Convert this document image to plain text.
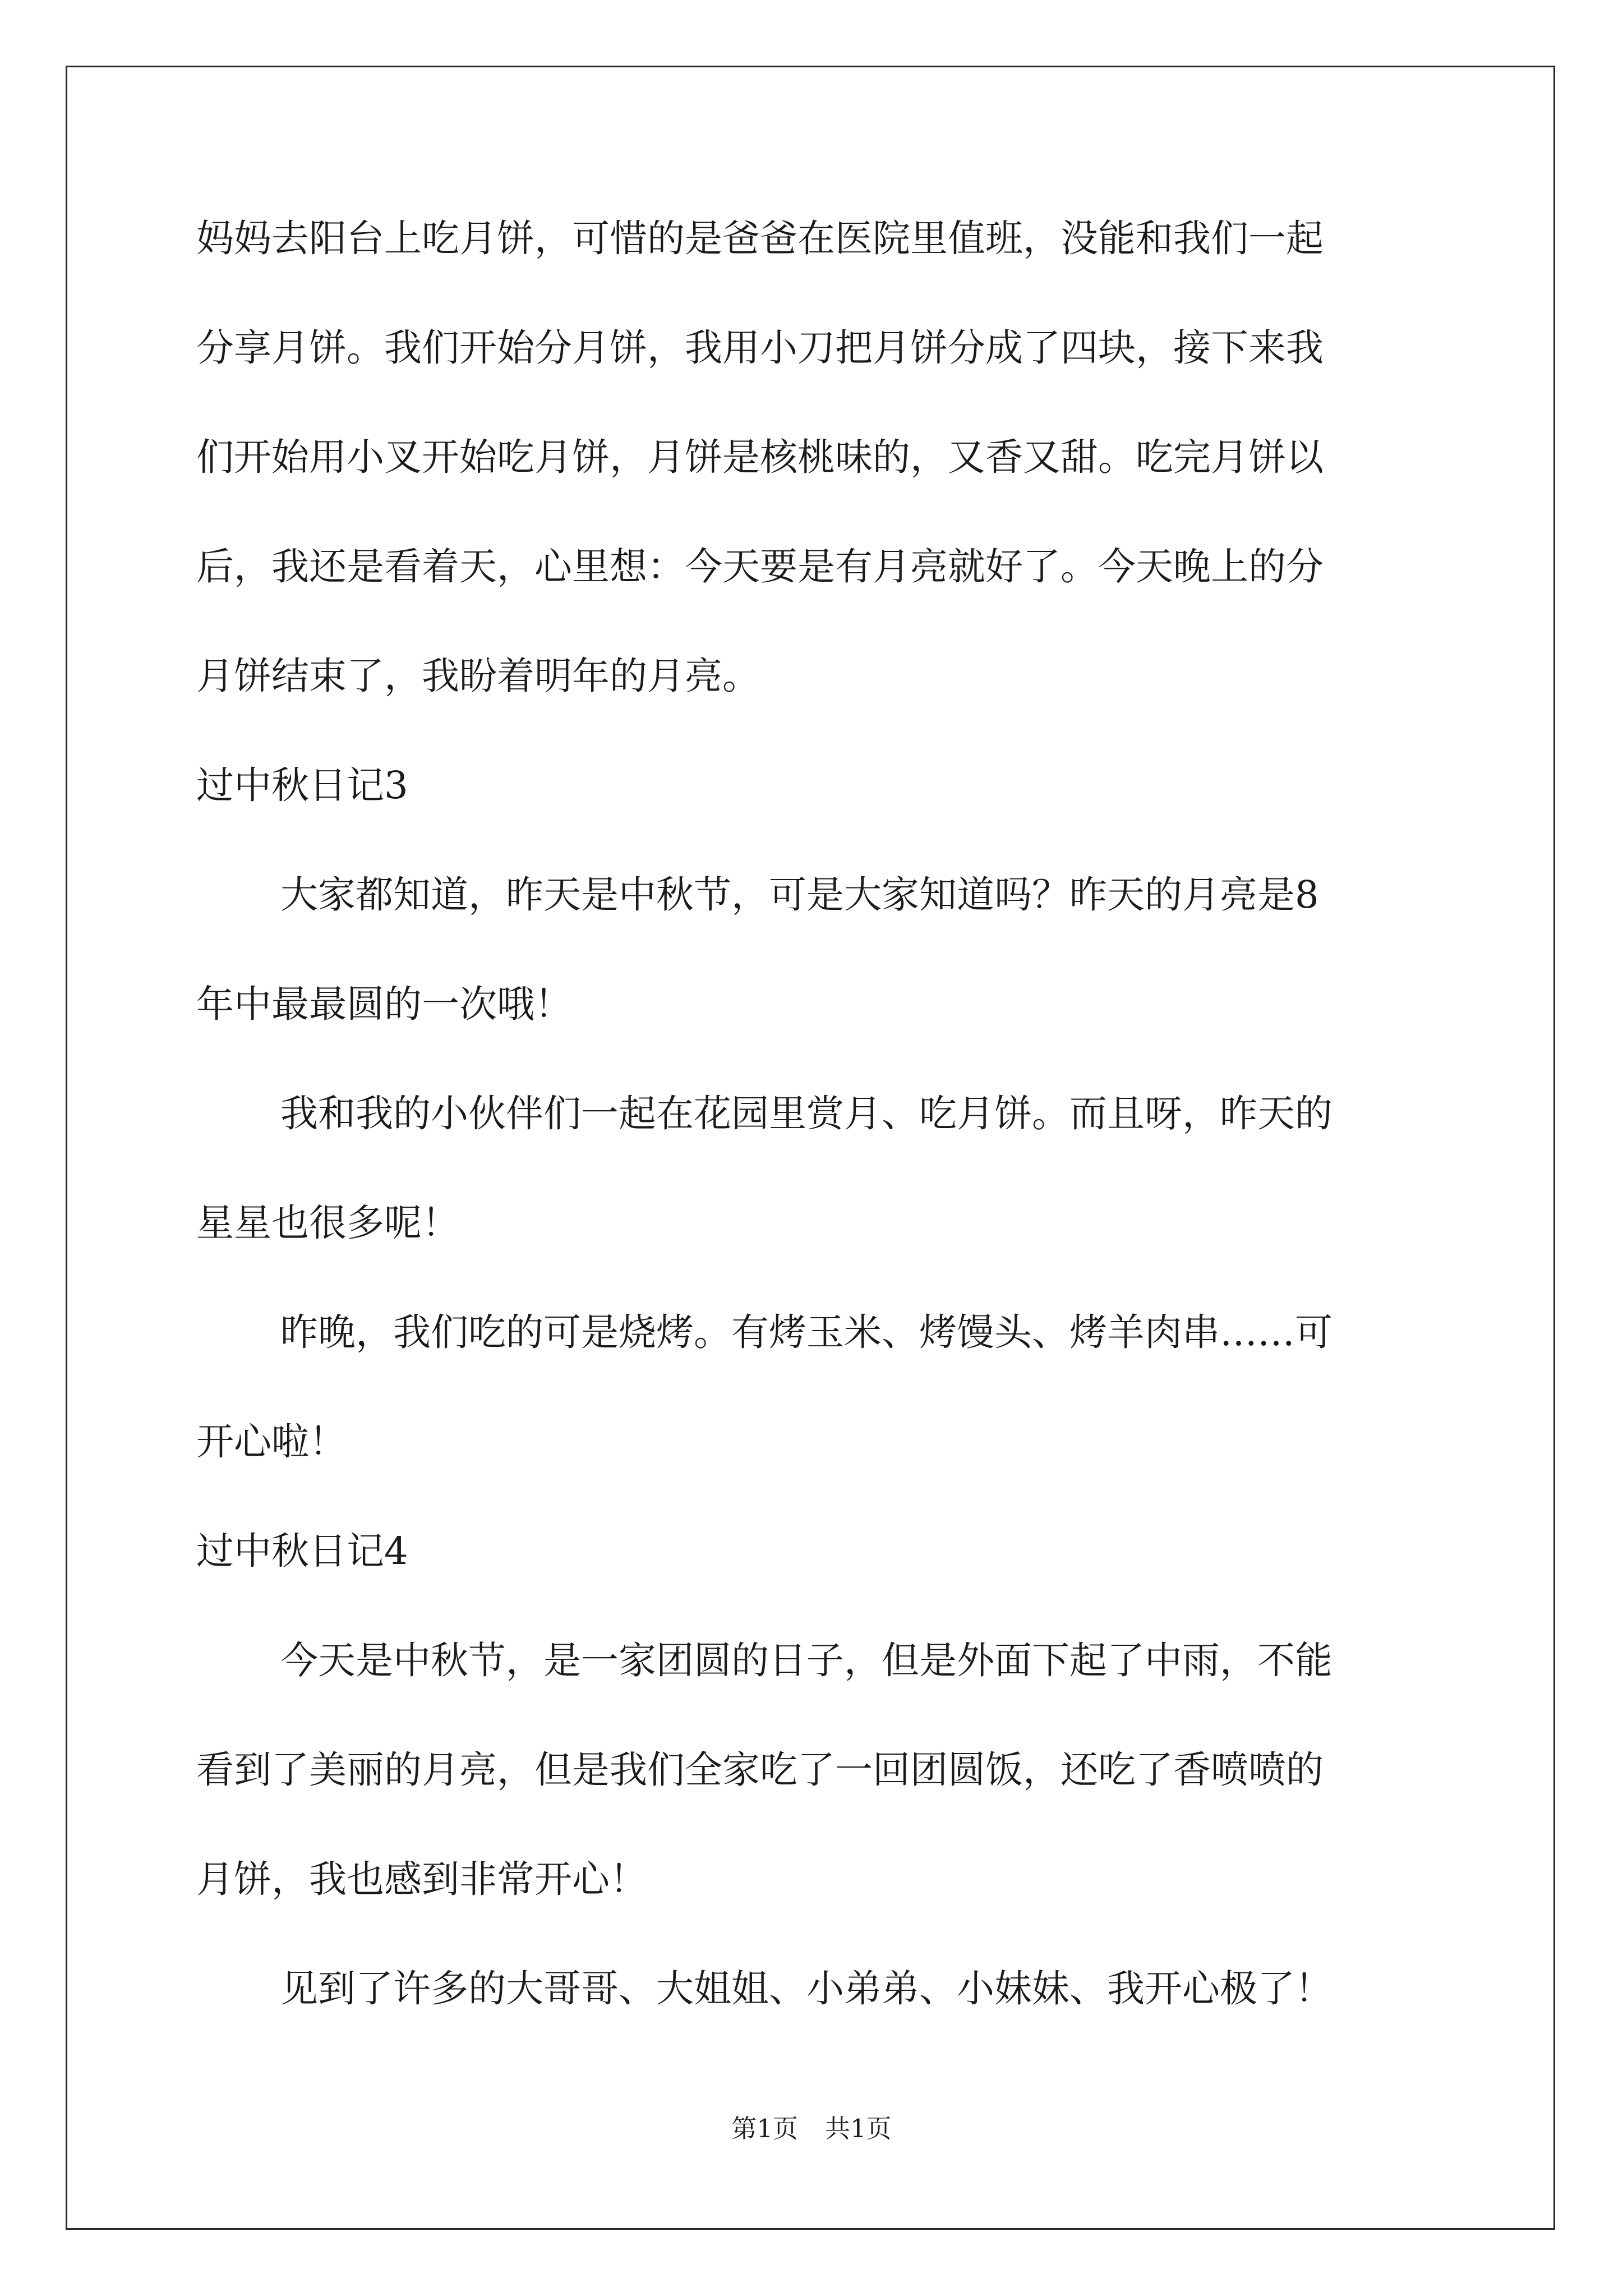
妈妈去阳台上吃月饼，可惜的是爸爸在医院里值班，没能和我们一起
分享月饼。我们开始分月饼，我用小刀把月饼分成了四块，接下来我
们开始用小叉开始吃月饼，月饼是核桃味的，又香又甜。吃完月饼以
后，我还是看着天，心里想：今天要是有月亮就好了。今天晚上的分
月饼结束了，我盼着明年的月亮。
过中秋日记3
大家都知道，昨天是中秋节，可是大家知道吗？昨天的月亮是8
年中最最圆的一次哦！
我和我的小伙伴们一起在花园里赏月、吃月饼。而且呀，昨天的
星星也很多呢！
昨晚，我们吃的可是烧烤。有烤玉米、烤馒头、烤羊肉串……可
开心啦！
过中秋日记4
今天是中秋节，是一家团圆的日子，但是外面下起了中雨，不能
看到了美丽的月亮，但是我们全家吃了一回团圆饭，还吃了香喷喷的
月饼，我也感到非常开心！
见到了许多的大哥哥、大姐姐、小弟弟、小妹妹、我开心极了！
第1页 共1页
